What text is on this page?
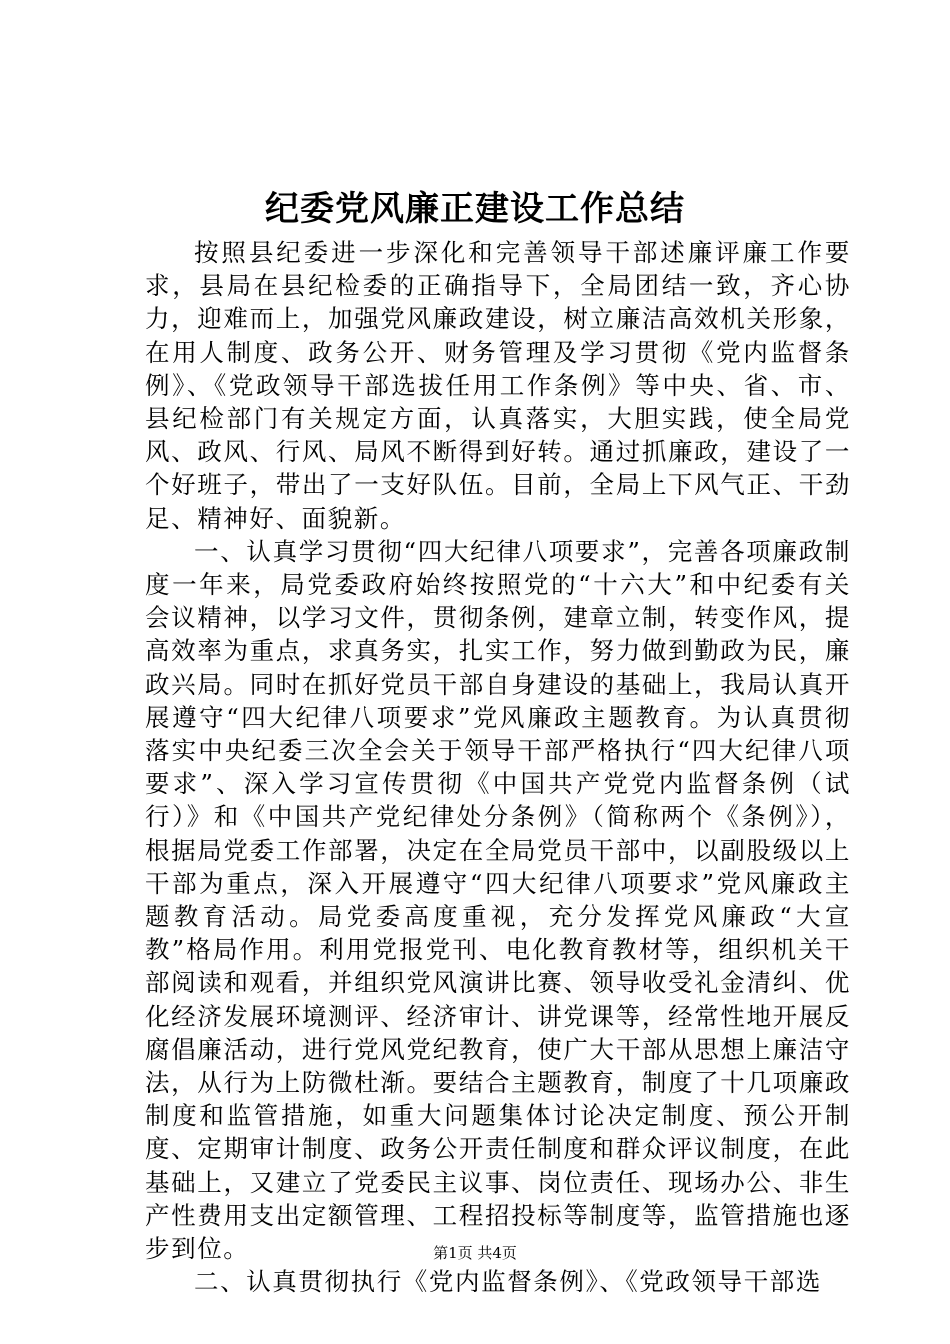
纪委党风廉正建设工作总结

按照县纪委进一步深化和完善领导干部述廉评廉工作要求，县局在县纪检委的正确指导下，全局团结一致，齐心协力，迎难而上，加强党风廉政建设，树立廉洁高效机关形象，在用人制度、政务公开、财务管理及学习贯彻《党内监督条例》、《党政领导干部选拔任用工作条例》等中央、省、市、县纪检部门有关规定方面，认真落实，大胆实践，使全局党风、政风、行风、局风不断得到好转。通过抓廉政，建设了一个好班子，带出了一支好队伍。目前，全局上下风气正、干劲足、精神好、面貌新。

一、认真学习贯彻“四大纪律八项要求”，完善各项廉政制度一年来，局党委政府始终按照党的“十六大”和中纪委有关会议精神，以学习文件，贯彻条例，建章立制，转变作风，提高效率为重点，求真务实，扎实工作，努力做到勤政为民，廉政兴局。同时在抓好党员干部自身建设的基础上，我局认真开展遵守“四大纪律八项要求”党风廉政主题教育。为认真贯彻落实中央纪委三次全会关于领导干部严格执行“四大纪律八项要求”、深入学习宣传贯彻《中国共产党党内监督条例（试行）》和《中国共产党纪律处分条例》（简称两个《条例》），根据局党委工作部署，决定在全局党员干部中，以副股级以上干部为重点，深入开展遵守“四大纪律八项要求”党风廉政主题教育活动。局党委高度重视，充分发挥党风廉政“大宣教”格局作用。利用党报党刊、电化教育教材等，组织机关干部阅读和观看，并组织党风演讲比赛、领导收受礼金清纠、优化经济发展环境测评、经济审计、讲党课等，经常性地开展反腐倡廉活动，进行党风党纪教育，使广大干部从思想上廉洁守法，从行为上防微杜渐。要结合主题教育，制度了十几项廉政制度和监管措施，如重大问题集体讨论决定制度、预公开制度、定期审计制度、政务公开责任制度和群众评议制度，在此基础上，又建立了党委民主议事、岗位责任、现场办公、非生产性费用支出定额管理、工程招投标等制度等，监管措施也逐步到位。

二、认真贯彻执行《党内监督条例》、《党政领导干部选

第1页 共4页
